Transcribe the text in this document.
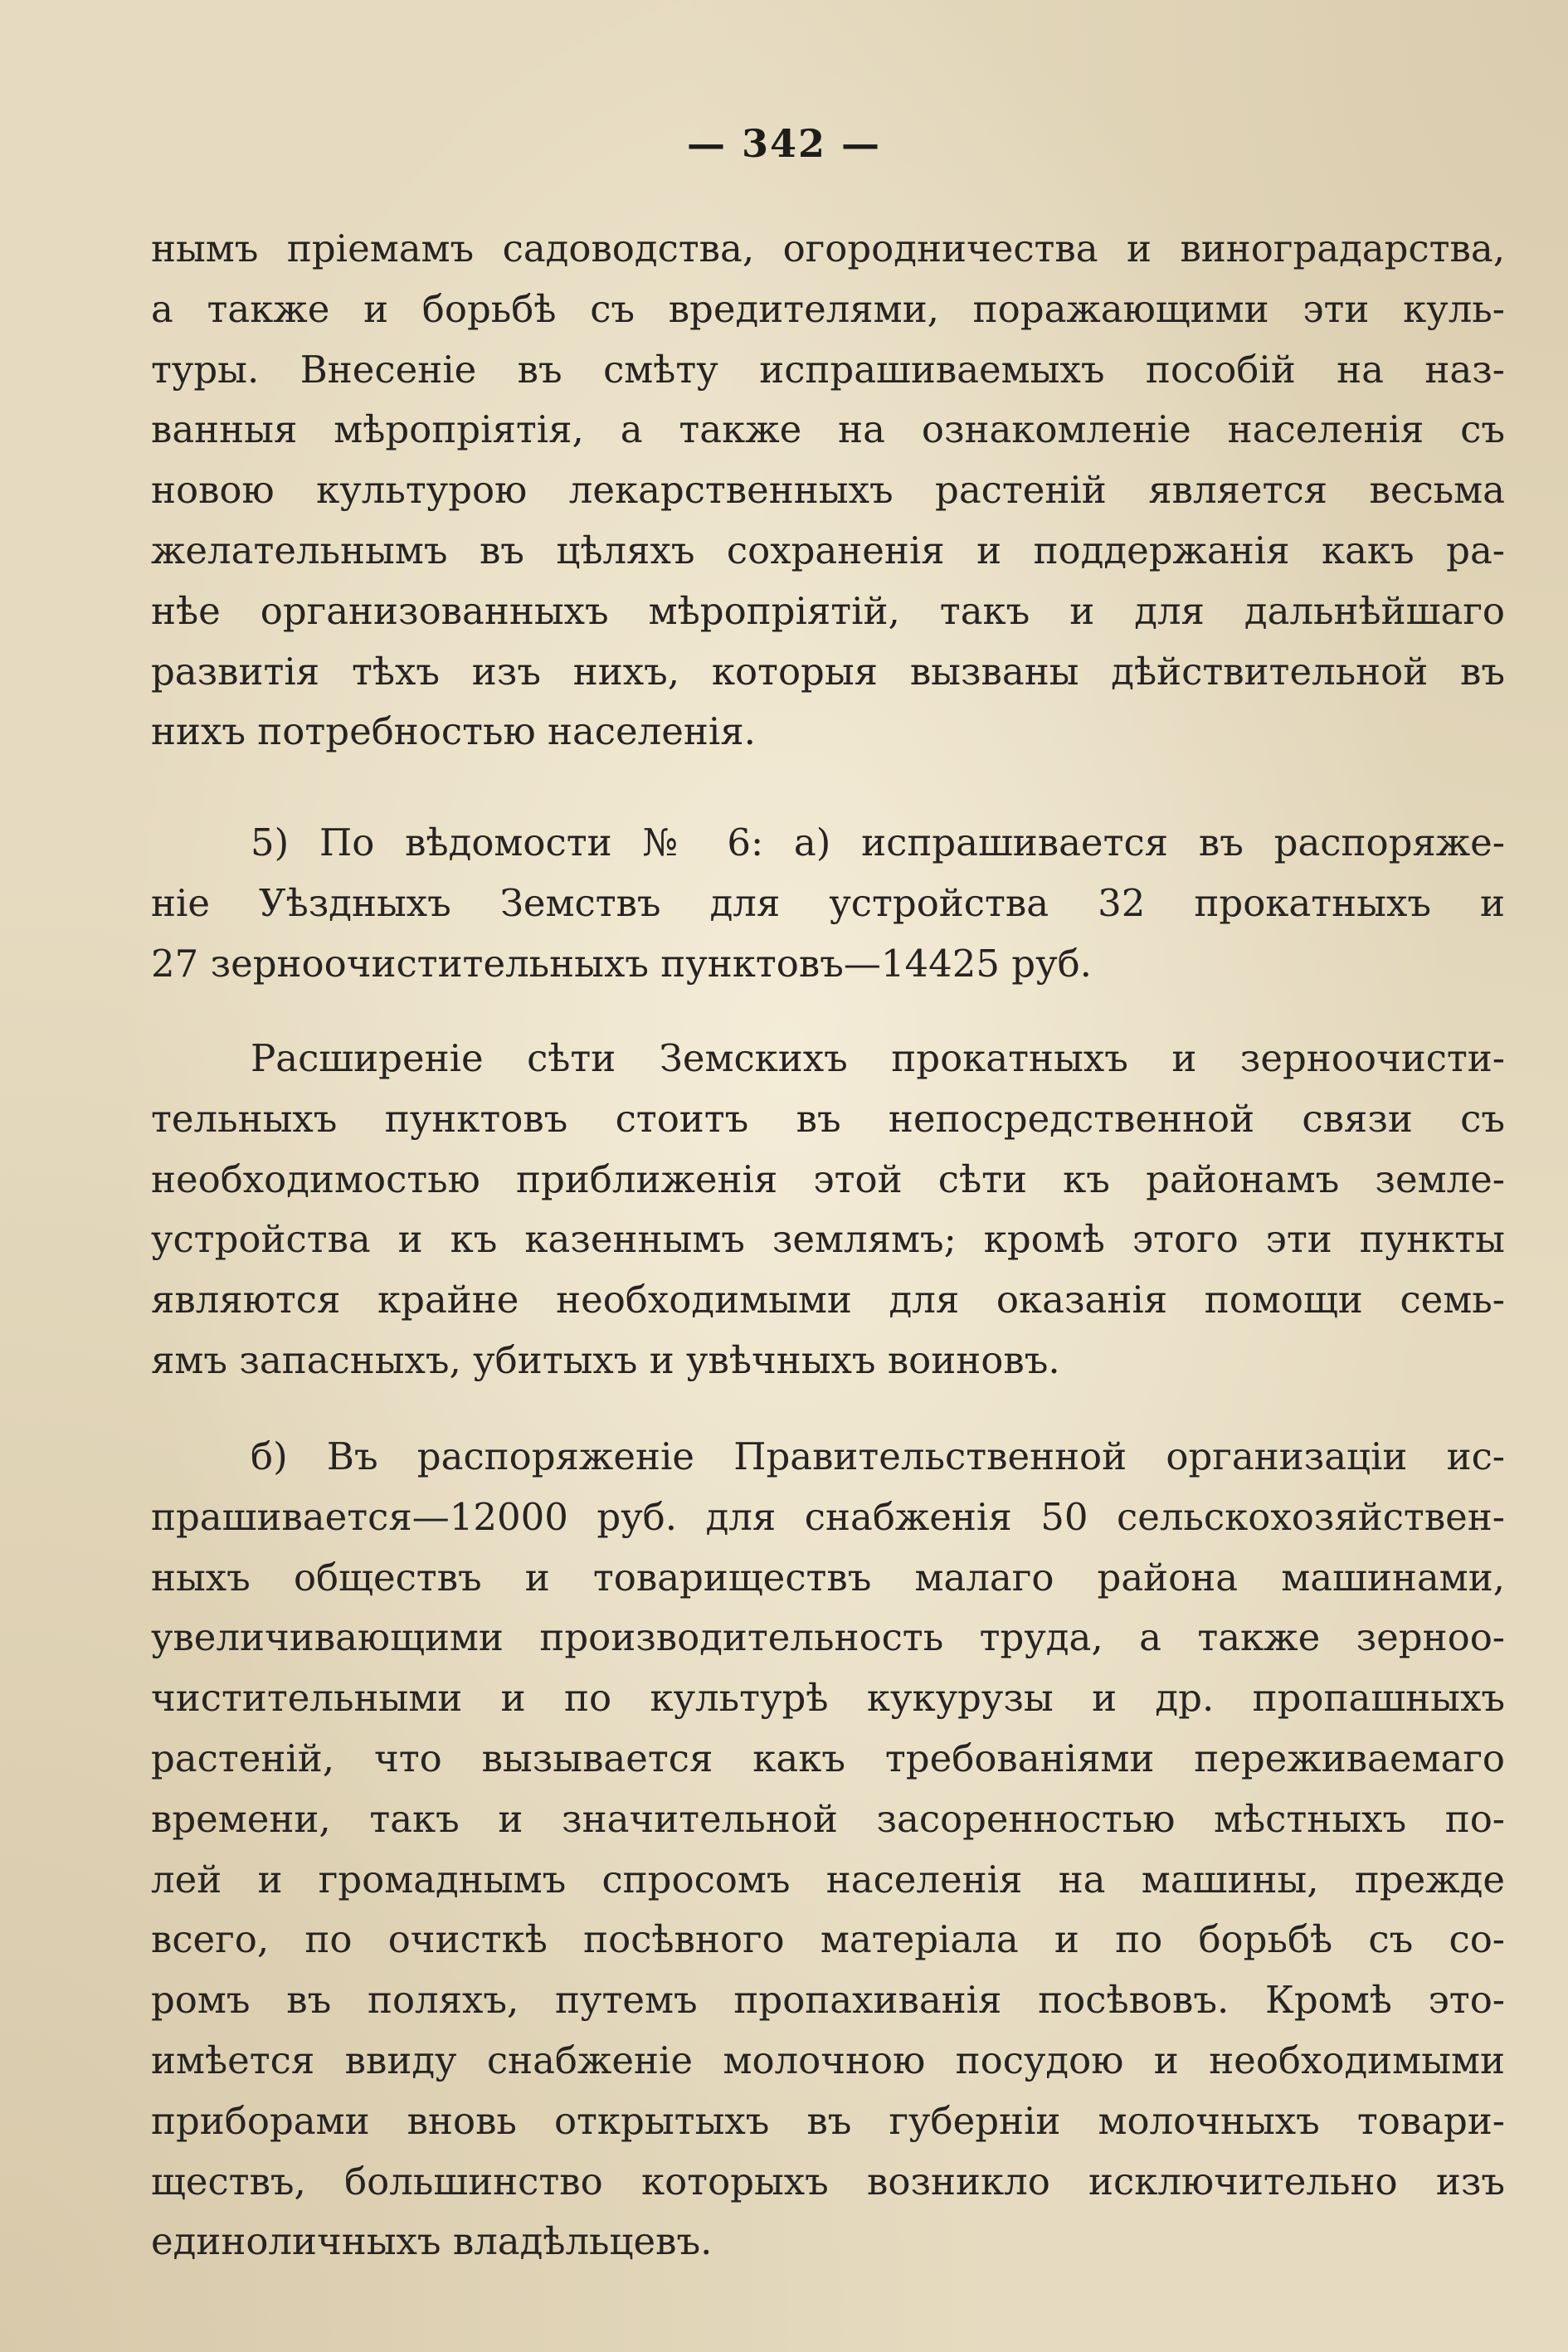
— 342 —
нымъ пріемамъ садоводства, огородничества и виноградарства,
а также и борьбѣ съ вредителями, поражающими эти куль-
туры. Внесеніе въ смѣту испрашиваемыхъ пособій на наз-
ванныя мѣропріятія, а также на ознакомленіе населенія съ
новою культурою лекарственныхъ растеній является весьма
желательнымъ въ цѣляхъ сохраненія и поддержанія какъ ра-
нѣе организованныхъ мѣропріятій, такъ и для дальнѣйшаго
развитія тѣхъ изъ нихъ, которыя вызваны дѣйствительной въ
нихъ потребностью населенія.
5) По вѣдомости № 6: а) испрашивается въ распоряже-
ніе Уѣздныхъ Земствъ для устройства 32 прокатныхъ и
27 зерноочистительныхъ пунктовъ—14425 руб.
Расширеніе сѣти Земскихъ прокатныхъ и зерноочисти-
тельныхъ пунктовъ стоитъ въ непосредственной связи съ
необходимостью приближенія этой сѣти къ районамъ земле-
устройства и къ казеннымъ землямъ; кромѣ этого эти пункты
являются крайне необходимыми для оказанія помощи семь-
ямъ запасныхъ, убитыхъ и увѣчныхъ воиновъ.
б) Въ распоряженіе Правительственной организаціи ис-
прашивается—12000 руб. для снабженія 50 сельскохозяйствен-
ныхъ обществъ и товариществъ малаго района машинами,
увеличивающими производительность труда, а также зерноо-
чистительными и по культурѣ кукурузы и др. пропашныхъ
растеній, что вызывается какъ требованіями переживаемаго
времени, такъ и значительной засоренностью мѣстныхъ по-
лей и громаднымъ спросомъ населенія на машины, прежде
всего, по очисткѣ посѣвного матеріала и по борьбѣ съ со-
ромъ въ поляхъ, путемъ пропахиванія посѣвовъ. Кромѣ это-
имѣется ввиду снабженіе молочною посудою и необходимыми
приборами вновь открытыхъ въ губерніи молочныхъ товари-
ществъ, большинство которыхъ возникло исключительно изъ
единоличныхъ владѣльцевъ.
